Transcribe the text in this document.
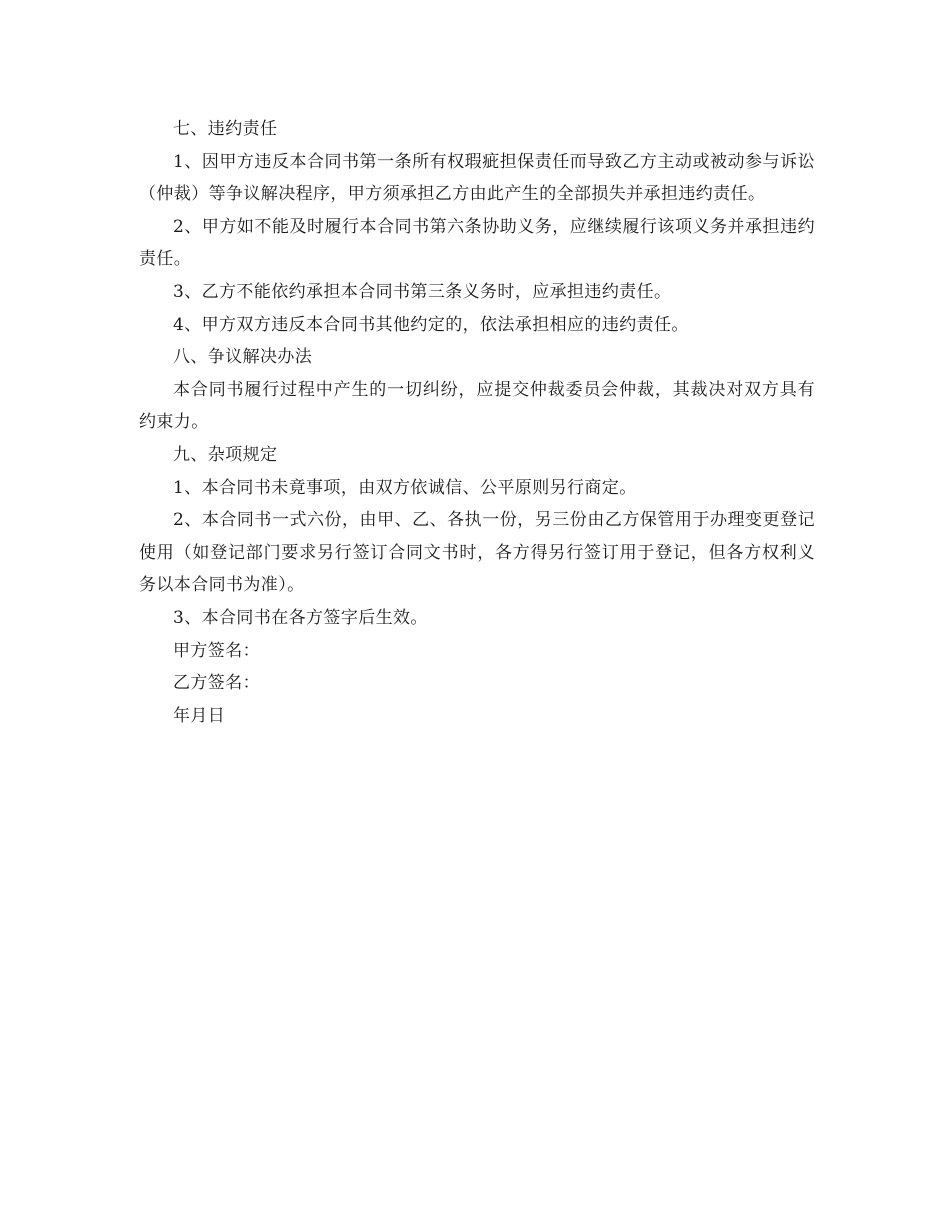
七、违约责任

1、因甲方违反本合同书第一条所有权瑕疵担保责任而导致乙方主动或被动参与诉讼（仲裁）等争议解决程序，甲方须承担乙方由此产生的全部损失并承担违约责任。

2、甲方如不能及时履行本合同书第六条协助义务，应继续履行该项义务并承担违约责任。

3、乙方不能依约承担本合同书第三条义务时，应承担违约责任。

4、甲方双方违反本合同书其他约定的，依法承担相应的违约责任。

八、争议解决办法

本合同书履行过程中产生的一切纠纷，应提交仲裁委员会仲裁，其裁决对双方具有约束力。

九、杂项规定

1、本合同书未竟事项，由双方依诚信、公平原则另行商定。

2、本合同书一式六份，由甲、乙、各执一份，另三份由乙方保管用于办理变更登记使用（如登记部门要求另行签订合同文书时，各方得另行签订用于登记，但各方权利义务以本合同书为准）。

3、本合同书在各方签字后生效。

甲方签名：

乙方签名：

年月日
